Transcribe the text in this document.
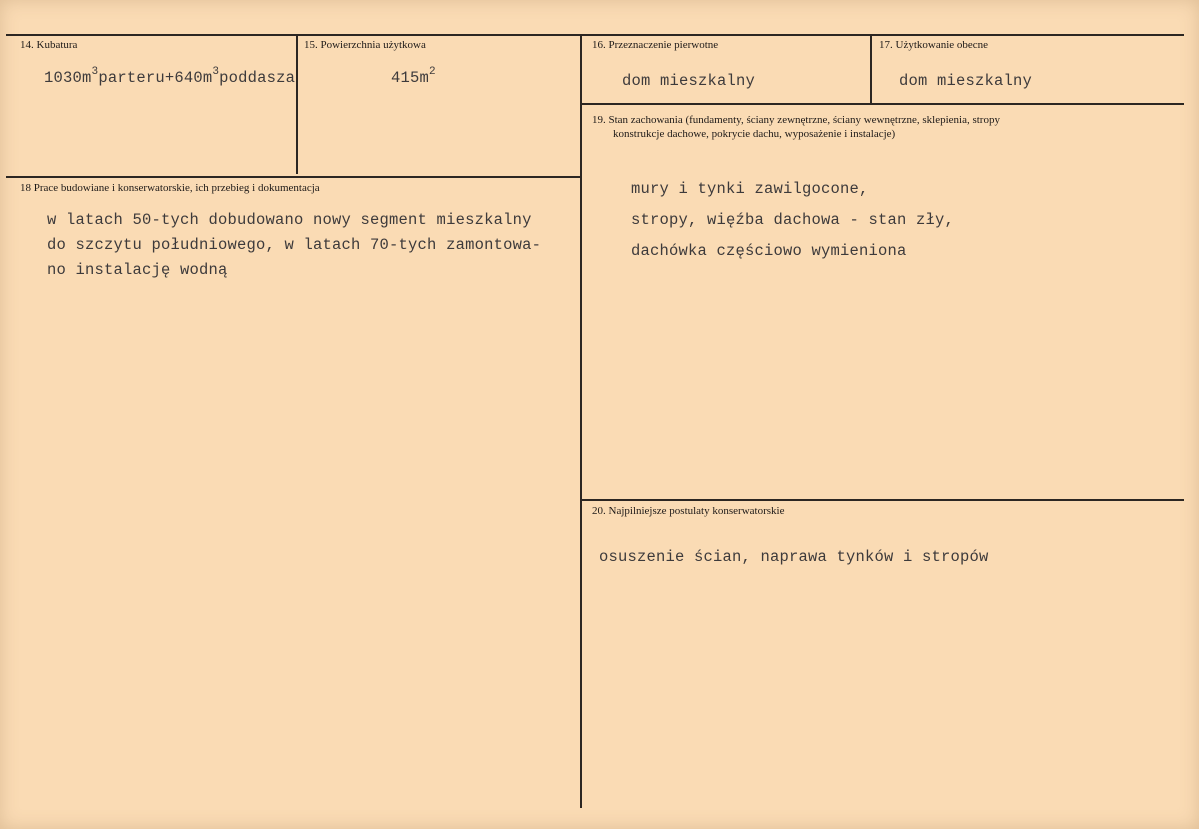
14. Kubatura
$1030m^3parteru+640m^3poddasza$
15. Powierzchnia użytkowa
$415m^2$
16. Przeznaczenie pierwotne
dom mieszkalny
17. Użytkowanie obecne
dom mieszkalny
19. Stan zachowania (fundamenty, ściany zewnętrzne, ściany wewnętrzne, sklepienia, stropy
konstrukcje dachowe, pokrycie dachu, wyposażenie i instalacje)
mury i tynki zawilgocone,
stropy, więźba dachowa - stan zły,
dachówka częściowo wymieniona
18 Prace budowiane i konserwatorskie, ich przebieg i dokumentacja
w latach 50-tych dobudowano nowy segment mieszkalny
do szczytu południowego, w latach 70-tych zamontowa-
no instalację wodną
20. Najpilniejsze postulaty konserwatorskie
osuszenie ścian, naprawa tynków i stropów
